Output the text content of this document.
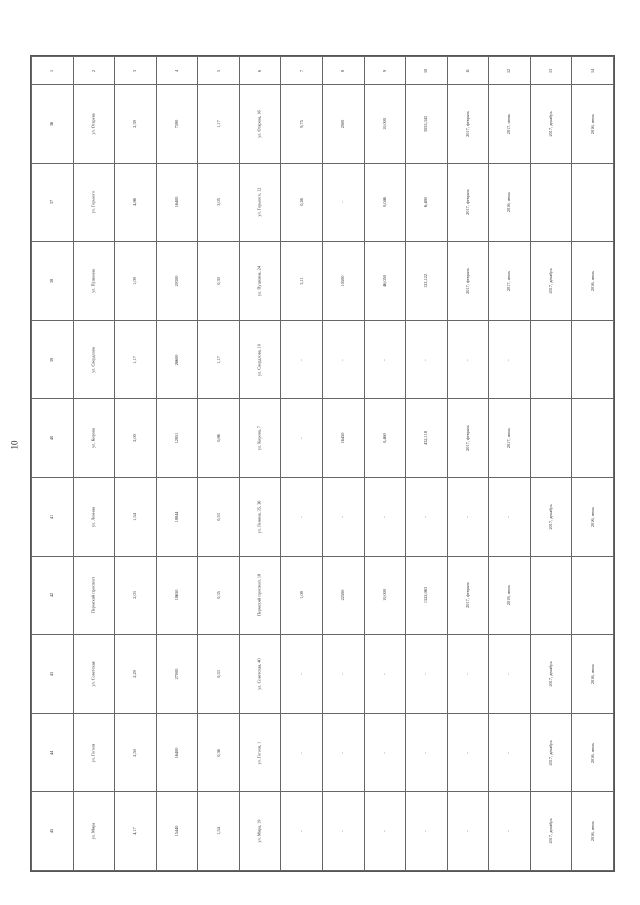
10
1	2	3	4	5	6	7	8	9	10	11	12	13	14

36	ул. Огарева	2,39	7590	1,17	ул. Огарева, 16	9,75	2000	10,000	3053,343	2017, февраль	2017, июнь	2017, декабрь	2016, июль

37	ул. Горького	4,86	16400	3,05	ул. Горького, 12	0,26	-	0,046	6,480	2017, февраль	2016, июль		

38	ул. Пушкина	1,09	20300	0,30	ул. Пушкина, 24	3,11	10500	46,050	153,122	2017, февраль	2017, июль	2017, декабрь	2016, июль

39	ул. Свердлова	1,17	26600	1,17	ул. Свердлова, 10	-	-	-	-	-	-		

40	ул. Кирова	2,00	12851	0,86	ул. Кирова, 7	-	16450	0,460	432,118	2017, февраль	2017, июль		

41	ул. Ленина	1,54	18844	0,53	ул. Ленина, 35, 36	-	-	-	-	-	-	2017, декабрь	2016, июль

42	Пермский проспект	2,03	18650	0,35	Пермский проспект, 18	1,08	22500	10,000	1522,063	2017, февраль	2018, июль		

43	ул. Советская	2,29	27000	0,53	ул. Советская, 40	-	-	-	-	-	-	2017, декабрь	2016, июль

44	ул. Гоголя	2,50	16400	0,36	ул. Гоголя, 1	-	-	-	-	-	-	2017, декабрь	2016, июль

45	ул. Мира	4,17	15440	1,54	ул. Мира, 19	-	-	-	-	-	-	2017, декабрь	2016, июль
